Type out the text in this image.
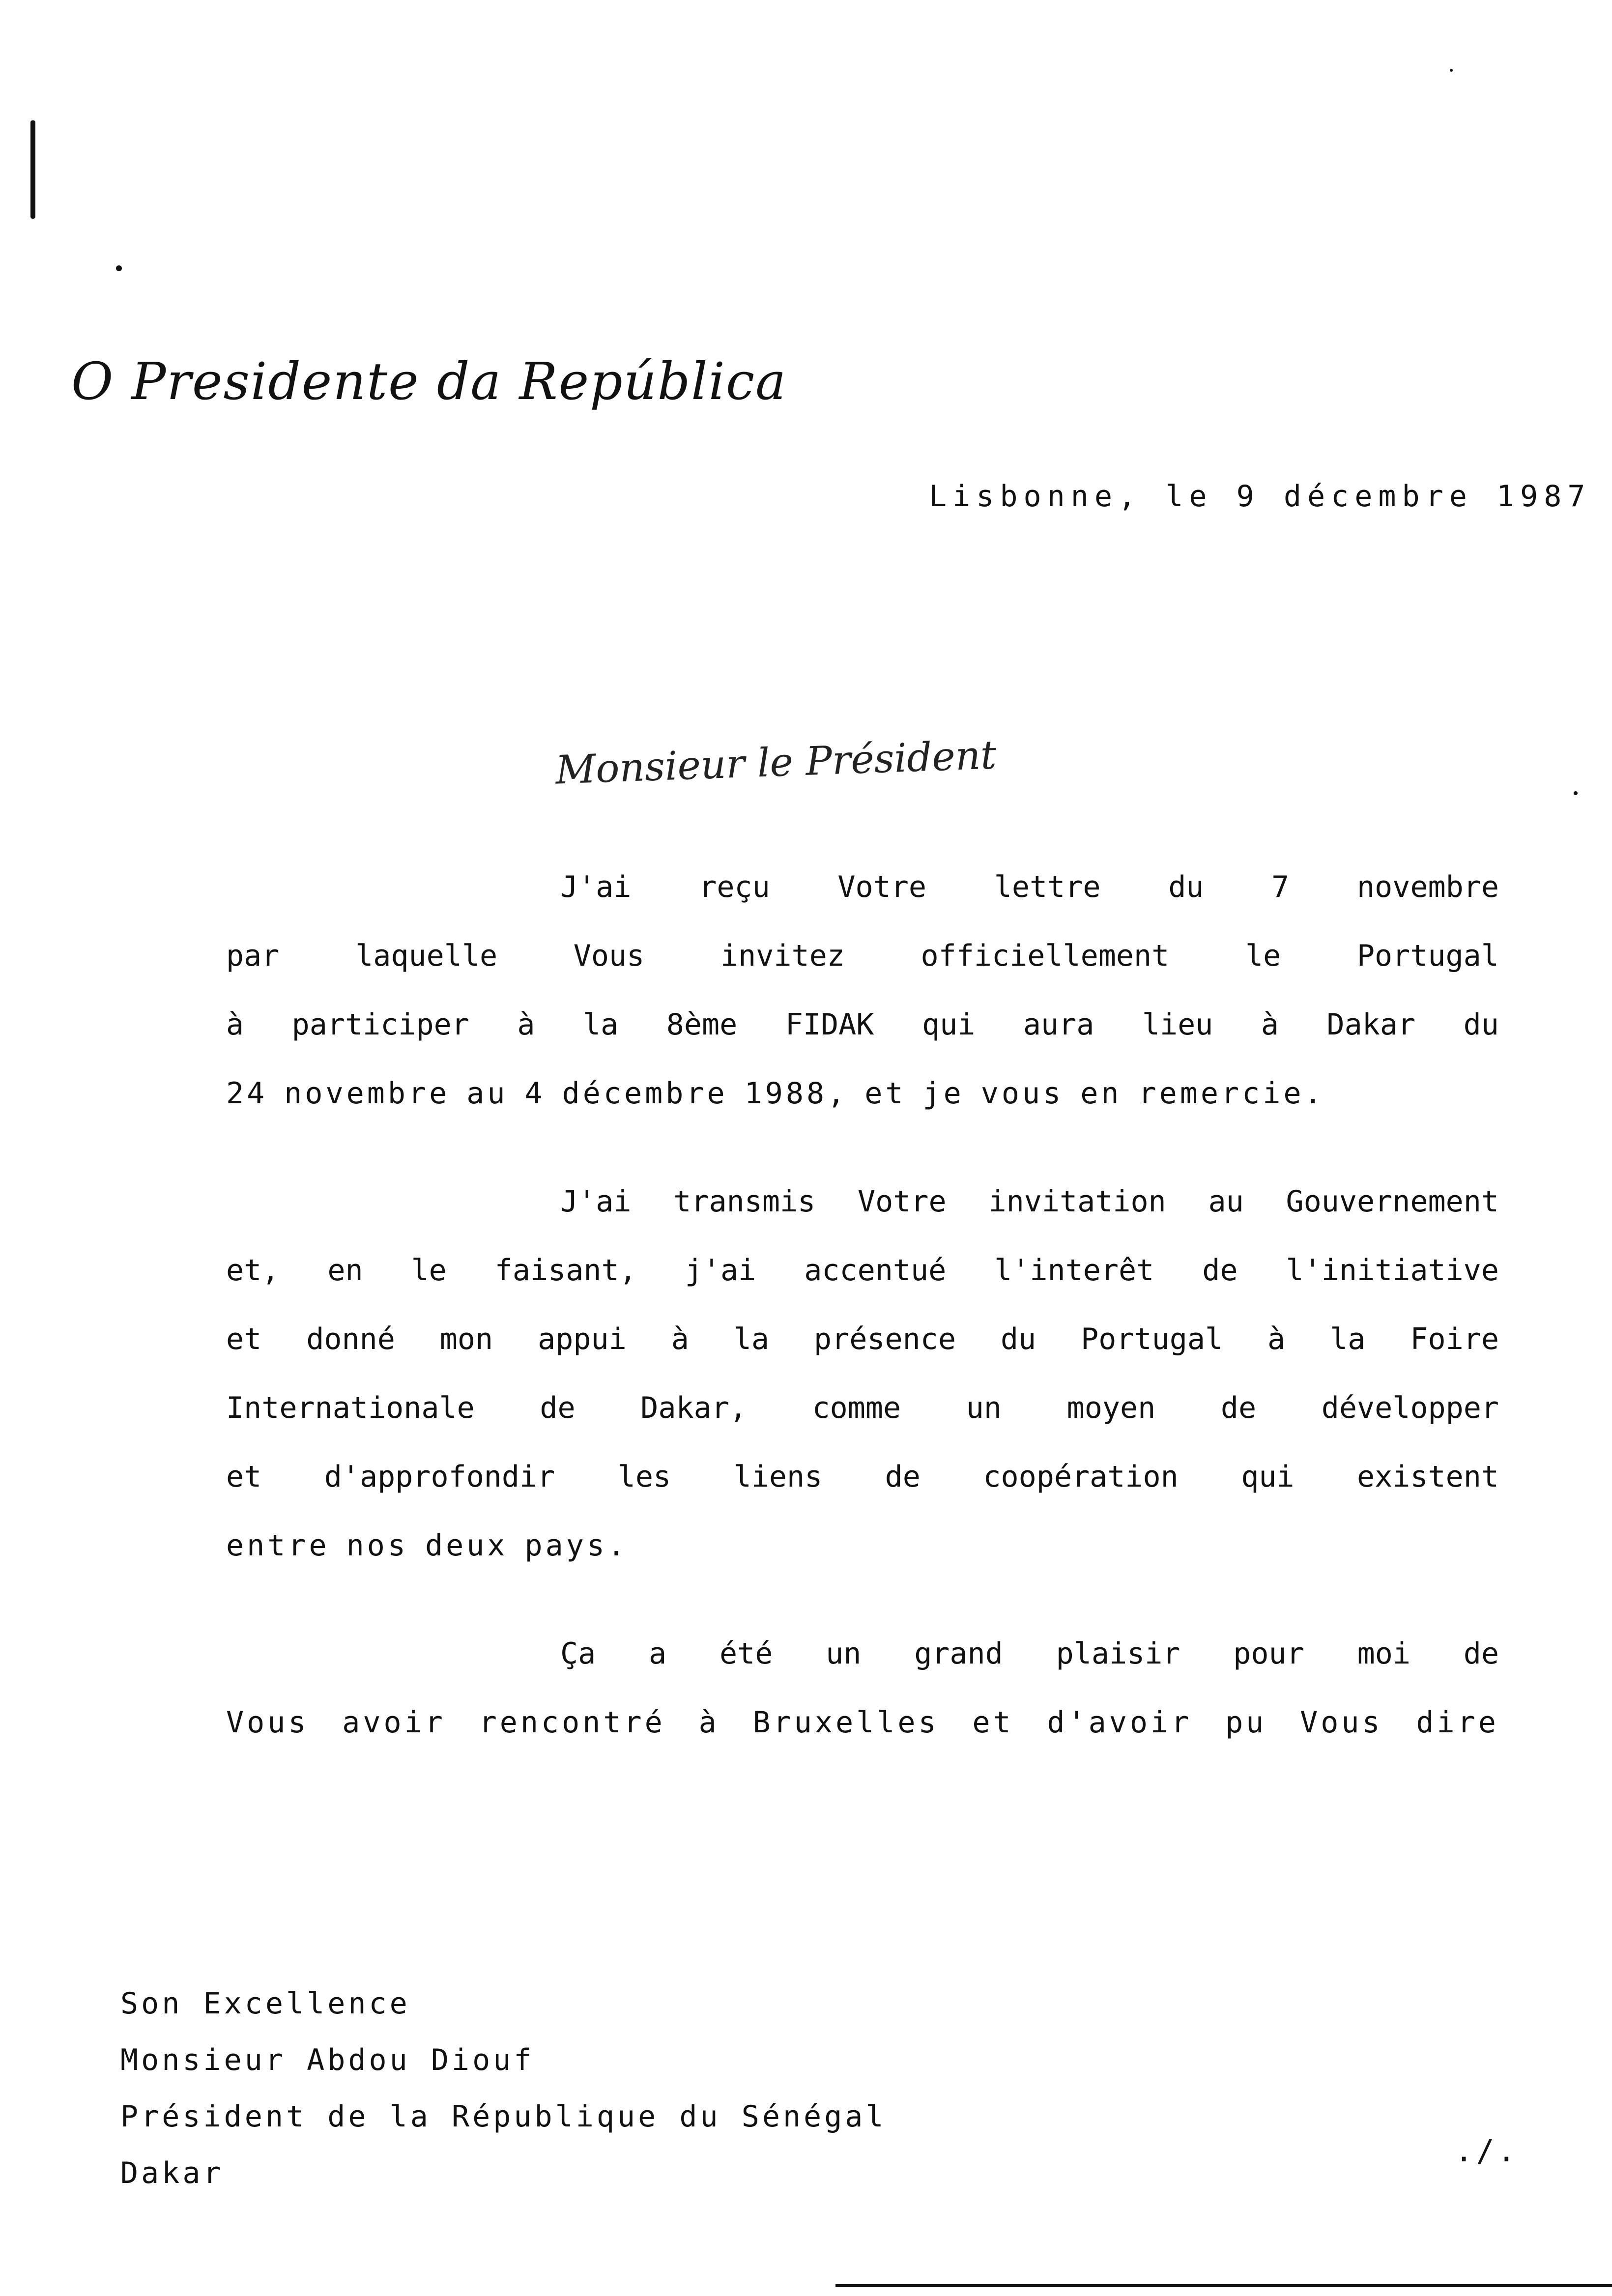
O Presidente da República
Lisbonne, le 9 décembre 1987
Monsieur le Président
J'ai reçu Votre lettre du 7 novembre
par	laquelle	Vous	invitez	officiellement	le	Portugal
à participer à la 8ème FIDAK qui aura lieu à Dakar du
24 novembre au 4 décembre 1988, et je vous en remercie.
J'ai transmis Votre invitation au Gouvernement
et, en le faisant, j'ai accentué l'interêt de l'initiative
et donné mon appui à la présence du Portugal à la Foire
Internationale de Dakar, comme un moyen de développer
et d'approfondir les liens de coopération qui existent
entre nos deux pays.
Ça a été un grand plaisir pour moi de
Vous avoir rencontré à Bruxelles et d'avoir pu Vous dire
Son Excellence
Monsieur Abdou Diouf
Président de la République du Sénégal
Dakar
./.
